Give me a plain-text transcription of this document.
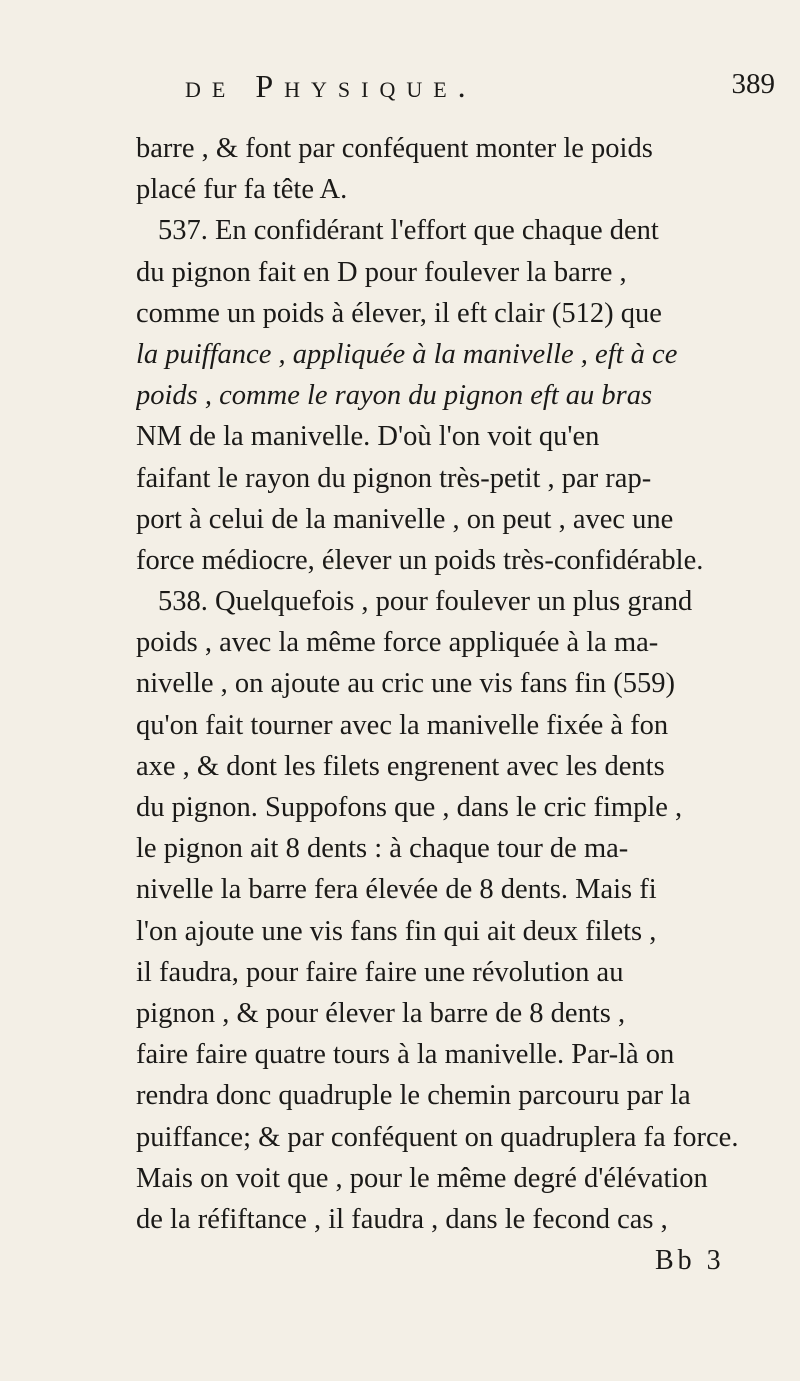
de Physique.	389
barre , & font par conféquent monter le poids
placé fur fa tête A.
537. En confidérant l'effort que chaque dent
du pignon fait en D pour foulever la barre ,
comme un poids à élever, il eft clair (512) que
la puiffance , appliquée à la manivelle , eft à ce
poids , comme le rayon du pignon eft au bras
NM de la manivelle. D'où l'on voit qu'en
faifant le rayon du pignon très-petit , par rap-
port à celui de la manivelle , on peut , avec une
force médiocre, élever un poids très-confidérable.
538. Quelquefois , pour foulever un plus grand
poids , avec la même force appliquée à la ma-
nivelle , on ajoute au cric une vis fans fin (559)
qu'on fait tourner avec la manivelle fixée à fon
axe , & dont les filets engrenent avec les dents
du pignon. Suppofons que , dans le cric fimple ,
le pignon ait 8 dents : à chaque tour de ma-
nivelle la barre fera élevée de 8 dents. Mais fi
l'on ajoute une vis fans fin qui ait deux filets ,
il faudra, pour faire faire une révolution au
pignon , & pour élever la barre de 8 dents ,
faire faire quatre tours à la manivelle. Par-là on
rendra donc quadruple le chemin parcouru par la
puiffance; & par conféquent on quadruplera fa force.
Mais on voit que , pour le même degré d'élévation
de la réfiftance , il faudra , dans le fecond cas ,
Bb 3
